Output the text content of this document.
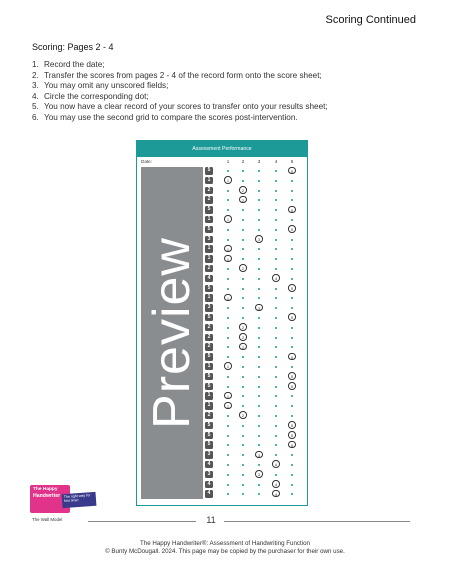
Scoring Continued
Scoring: Pages 2 - 4
1. Record the date;
2. Transfer the scores from pages 2 - 4 of the record form onto the score sheet;
3. You may omit any unscored fields;
4. Circle the corresponding dot;
5. You now have a clear record of your scores to transfer onto your results sheet;
6. You may use the second grid to compare the scores post-intervention.
Assessment Performance
Date:	1	2	3	4	5
5	5
1	1
2	2
2	2
5	5
1	1
5	5
3	3
1	1
1	1
2	2
4	4
5	5
1	1
3	3
5	5
2	2
2	2
2	2
5	5
1	1
5	5
5	5
1	1
1	1
2	2
5	5
5	5
5	5
3	3
4	4
3	3
4	4
4	4
Preview
The Happy
Handwriter The right way for first time!
The Wall Model	11
The Happy Handwriter®: Assessment of Handwriting Function
© Bunty McDougall. 2024. This page may be copied by the purchaser for their own use.
